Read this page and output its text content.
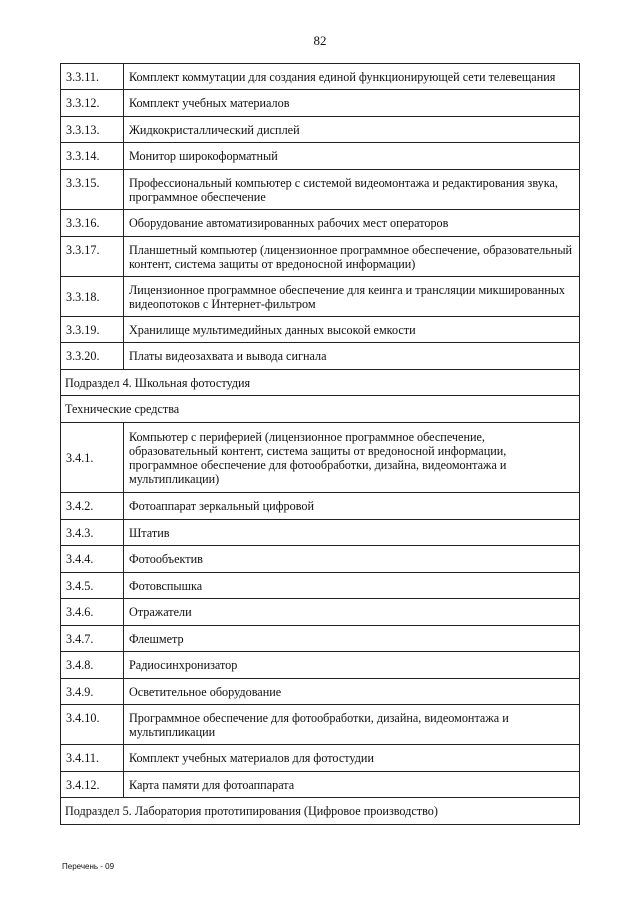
82
3.3.11.	Комплект коммутации для создания единой функционирующей сети телевещания
3.3.12.	Комплект учебных материалов
3.3.13.	Жидкокристаллический дисплей
3.3.14.	Монитор широкоформатный
3.3.15.	Профессиональный компьютер с системой видеомонтажа и редактирования звука, программное обеспечение
3.3.16.	Оборудование автоматизированных рабочих мест операторов
3.3.17.	Планшетный компьютер (лицензионное программное обеспечение, образовательный контент, система защиты от вредоносной информации)
3.3.18.	Лицензионное программное обеспечение для кеинга и трансляции микшированных видеопотоков с Интернет-фильтром
3.3.19.	Хранилище мультимедийных данных высокой емкости
3.3.20.	Платы видеозахвата и вывода сигнала
Подраздел 4. Школьная фотостудия	
Технические средства	
3.4.1.	Компьютер с периферией (лицензионное программное обеспечение, образовательный контент, система защиты от вредоносной информации, программное обеспечение для фотообработки, дизайна, видеомонтажа и мультипликации)
3.4.2.	Фотоаппарат зеркальный цифровой
3.4.3.	Штатив
3.4.4.	Фотообъектив
3.4.5.	Фотовспышка
3.4.6.	Отражатели
3.4.7.	Флешметр
3.4.8.	Радиосинхронизатор
3.4.9.	Осветительное оборудование
3.4.10.	Программное обеспечение для фотообработки, дизайна, видеомонтажа и мультипликации
3.4.11.	Комплект учебных материалов для фотостудии
3.4.12.	Карта памяти для фотоаппарата
Подраздел 5. Лаборатория прототипирования (Цифровое производство)	
Перечень - 09
